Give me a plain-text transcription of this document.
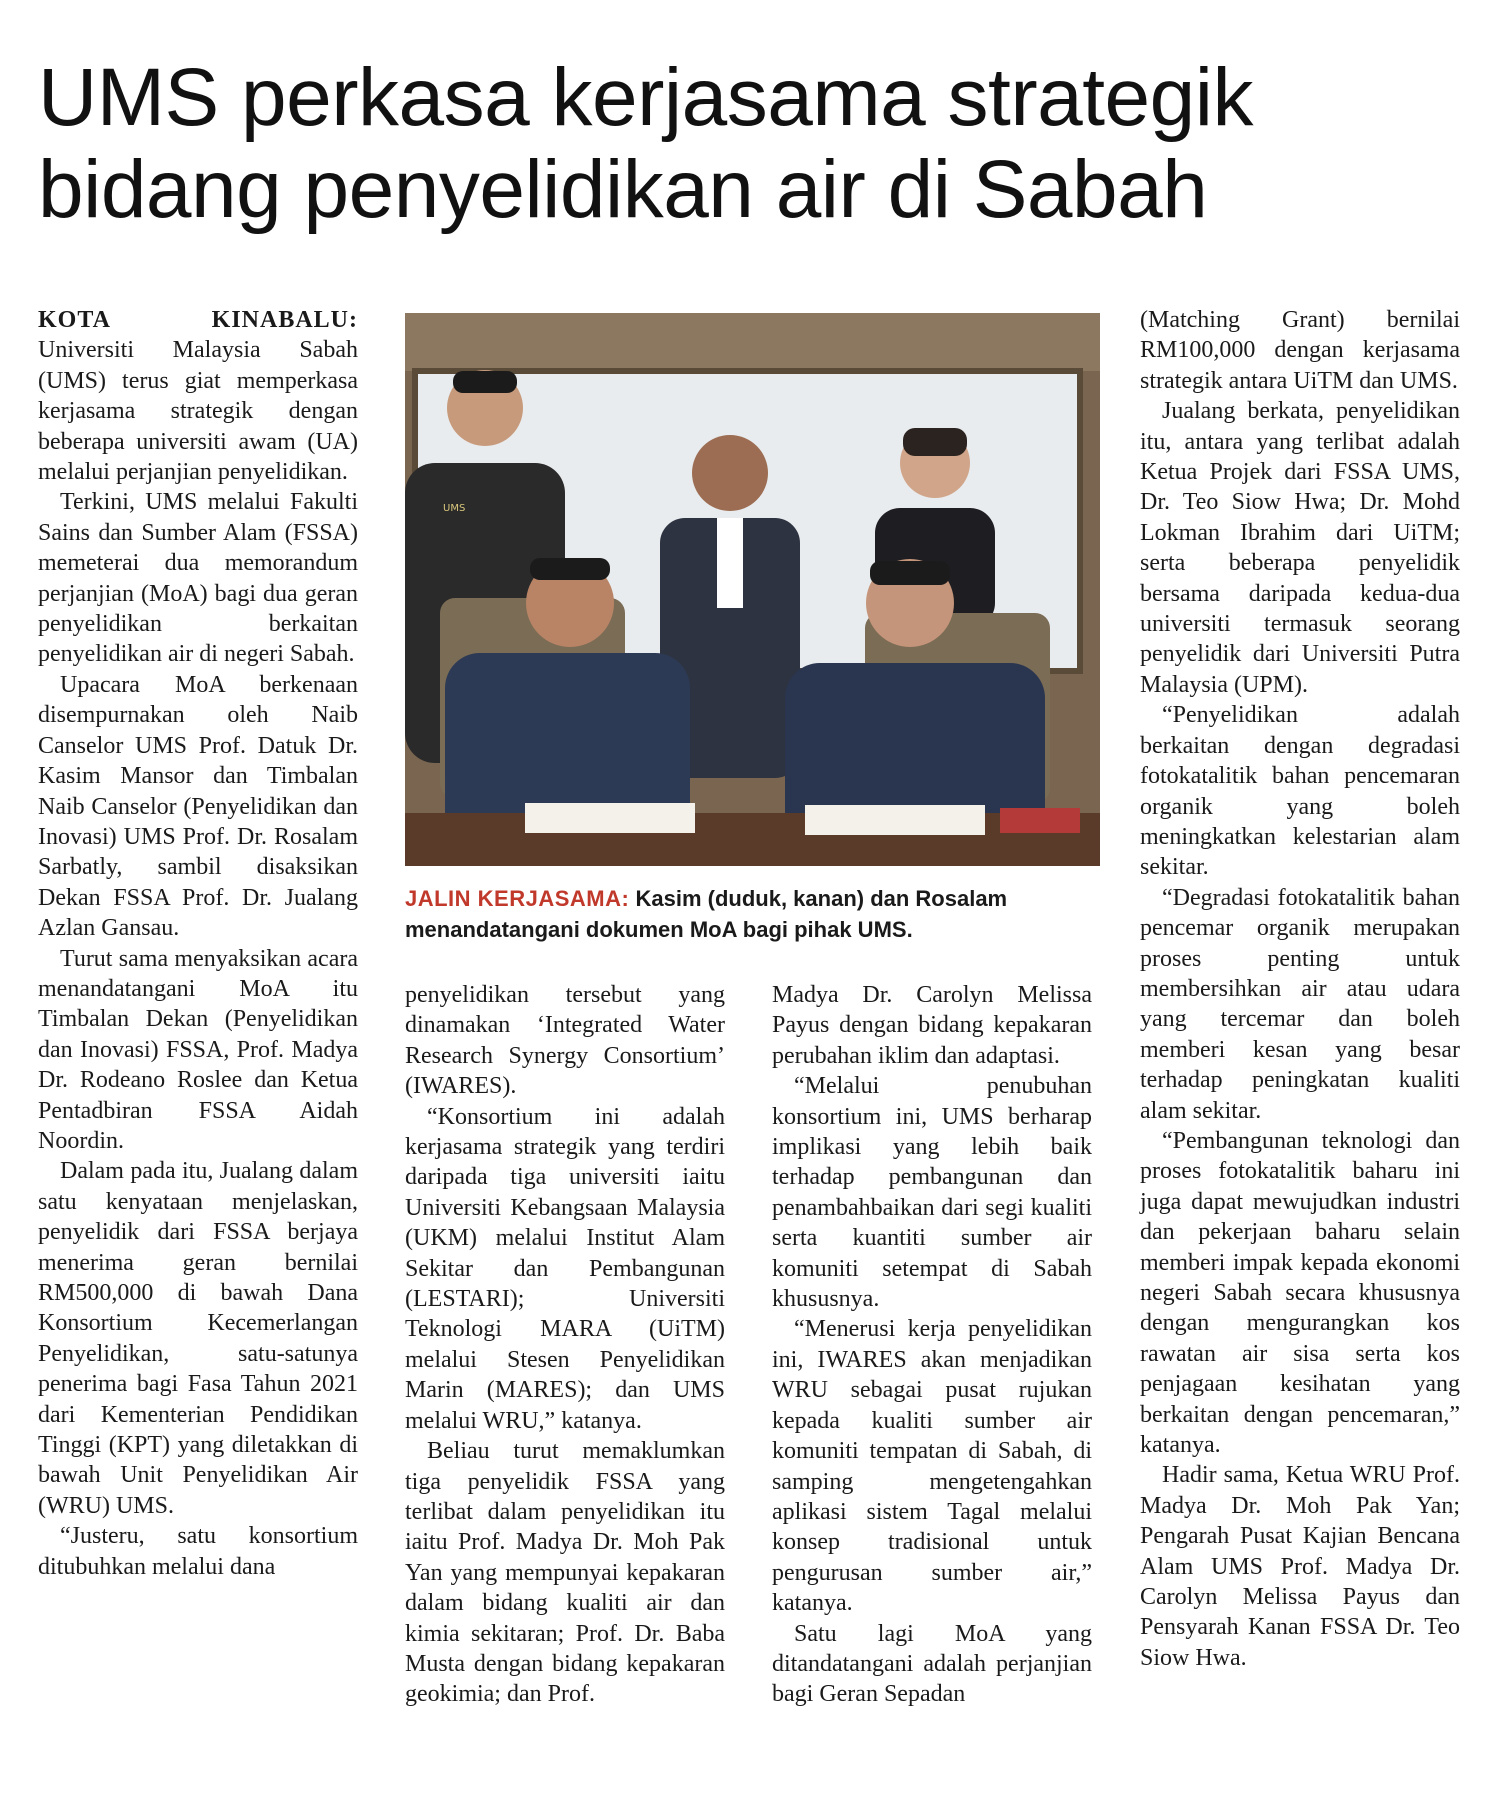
UMS perkasa kerjasama strategik
bidang penyelidikan air di Sabah

KOTA KINABALU: Universiti Malaysia Sabah (UMS) terus giat memperkasa kerjasama strategik dengan beberapa universiti awam (UA) melalui perjanjian penyelidikan.

Terkini, UMS melalui Fakulti Sains dan Sumber Alam (FSSA) memeterai dua memorandum perjanjian (MoA) bagi dua geran penyelidikan berkaitan penyelidikan air di negeri Sabah.

Upacara MoA berkenaan disempurnakan oleh Naib Canselor UMS Prof. Datuk Dr. Kasim Mansor dan Timbalan Naib Canselor (Penyelidikan dan Inovasi) UMS Prof. Dr. Rosalam Sarbatly, sambil disaksikan Dekan FSSA Prof. Dr. Jualang Azlan Gansau.

Turut sama menyaksikan acara menandatangani MoA itu Timbalan Dekan (Penyelidikan dan Inovasi) FSSA, Prof. Madya Dr. Rodeano Roslee dan Ketua Pentadbiran FSSA Aidah Noordin.

Dalam pada itu, Jualang dalam satu kenyataan menjelaskan, penyelidik dari FSSA berjaya menerima geran bernilai RM500,000 di bawah Dana Konsortium Kecemerlangan Penyelidikan, satu-satunya penerima bagi Fasa Tahun 2021 dari Kementerian Pendidikan Tinggi (KPT) yang diletakkan di bawah Unit Penyelidikan Air (WRU) UMS.

“Justeru, satu konsortium ditubuhkan melalui dana

UMS
JALIN KERJASAMA: Kasim (duduk, kanan) dan Rosalam menandatangani dokumen MoA bagi pihak UMS.

penyelidikan tersebut yang dinamakan ‘Integrated Water Research Synergy Consortium’ (IWARES).

“Konsortium ini adalah kerjasama strategik yang terdiri daripada tiga universiti iaitu Universiti Kebangsaan Malaysia (UKM) melalui Institut Alam Sekitar dan Pembangunan (LESTARI); Universiti Teknologi MARA (UiTM) melalui Stesen Penyelidikan Marin (MARES); dan UMS melalui WRU,” katanya.

Beliau turut memaklumkan tiga penyelidik FSSA yang terlibat dalam penyelidikan itu iaitu Prof. Madya Dr. Moh Pak Yan yang mempunyai kepakaran dalam bidang kualiti air dan kimia sekitaran; Prof. Dr. Baba Musta dengan bidang kepakaran geokimia; dan Prof.

Madya Dr. Carolyn Melissa Payus dengan bidang kepakaran perubahan iklim dan adaptasi.

“Melalui penubuhan konsortium ini, UMS berharap implikasi yang lebih baik terhadap pembangunan dan penambahbaikan dari segi kualiti serta kuantiti sumber air komuniti setempat di Sabah khususnya.

“Menerusi kerja penyelidikan ini, IWARES akan menjadikan WRU sebagai pusat rujukan kepada kualiti sumber air komuniti tempatan di Sabah, di samping mengetengahkan aplikasi sistem Tagal melalui konsep tradisional untuk pengurusan sumber air,” katanya.

Satu lagi MoA yang ditandatangani adalah perjanjian bagi Geran Sepadan

(Matching Grant) bernilai RM100,000 dengan kerjasama strategik antara UiTM dan UMS.

Jualang berkata, penyelidikan itu, antara yang terlibat adalah Ketua Projek dari FSSA UMS, Dr. Teo Siow Hwa; Dr. Mohd Lokman Ibrahim dari UiTM; serta beberapa penyelidik bersama daripada kedua-dua universiti termasuk seorang penyelidik dari Universiti Putra Malaysia (UPM).

“Penyelidikan adalah berkaitan dengan degradasi fotokatalitik bahan pencemaran organik yang boleh meningkatkan kelestarian alam sekitar.

“Degradasi fotokatalitik bahan pencemar organik merupakan proses penting untuk membersihkan air atau udara yang tercemar dan boleh memberi kesan yang besar terhadap peningkatan kualiti alam sekitar.

“Pembangunan teknologi dan proses fotokatalitik baharu ini juga dapat mewujudkan industri dan pekerjaan baharu selain memberi impak kepada ekonomi negeri Sabah secara khususnya dengan mengurangkan kos rawatan air sisa serta kos penjagaan kesihatan yang berkaitan dengan pencemaran,” katanya.

Hadir sama, Ketua WRU Prof. Madya Dr. Moh Pak Yan; Pengarah Pusat Kajian Bencana Alam UMS Prof. Madya Dr. Carolyn Melissa Payus dan Pensyarah Kanan FSSA Dr. Teo Siow Hwa.
